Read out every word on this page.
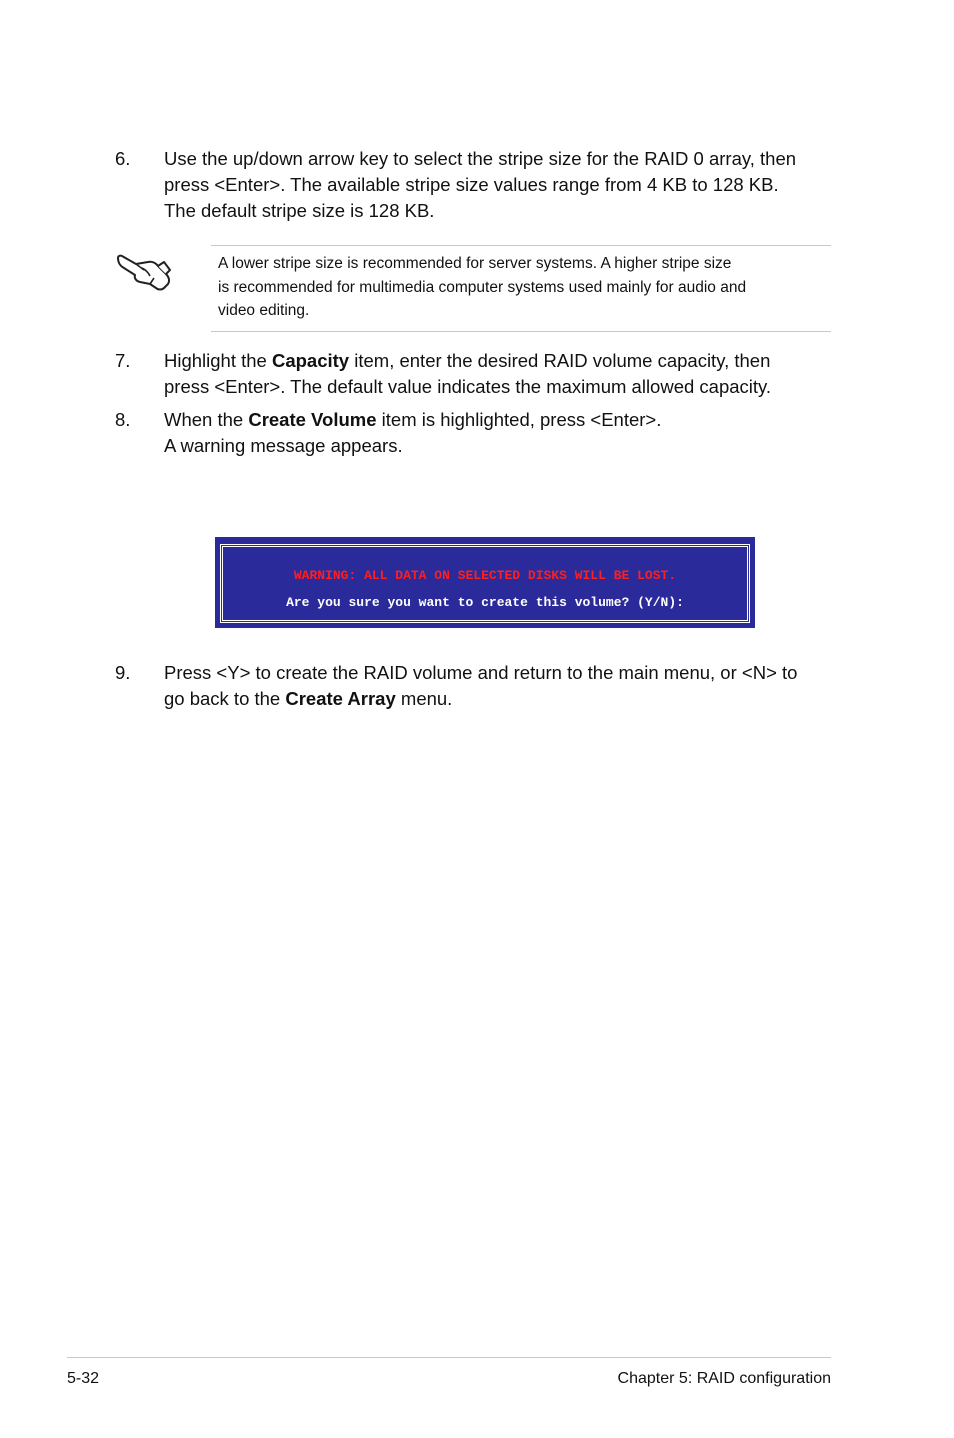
6. Use the up/down arrow key to select the stripe size for the RAID 0 array, then
press <Enter>. The available stripe size values range from 4 KB to 128 KB.
The default stripe size is 128 KB.
A lower stripe size is recommended for server systems. A higher stripe size
is recommended for multimedia computer systems used mainly for audio and
video editing.
7. Highlight the Capacity item, enter the desired RAID volume capacity, then
press <Enter>. The default value indicates the maximum allowed capacity.
8. When the Create Volume item is highlighted, press <Enter>.
A warning message appears.
WARNING: ALL DATA ON SELECTED DISKS WILL BE LOST.
Are you sure you want to create this volume? (Y/N):
9. Press <Y> to create the RAID volume and return to the main menu, or <N> to
go back to the Create Array menu.
5-32	Chapter 5: RAID configuration
